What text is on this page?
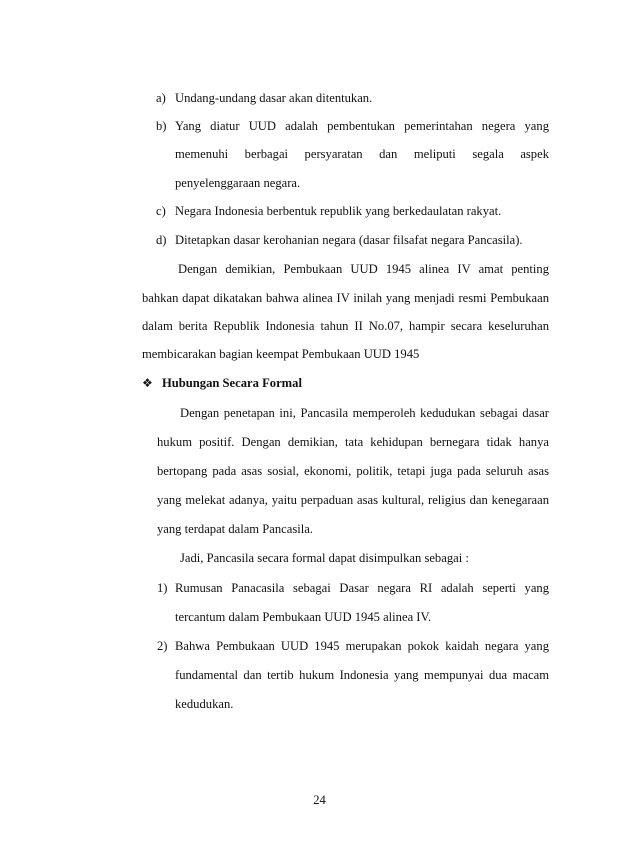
a) Undang-undang dasar akan ditentukan.
b) Yang diatur UUD adalah pembentukan pemerintahan negera yang
memenuhi berbagai persyaratan dan meliputi segala aspek
penyelenggaraan negara.
c) Negara Indonesia berbentuk republik yang berkedaulatan rakyat.
d) Ditetapkan dasar kerohanian negara (dasar filsafat negara Pancasila).
Dengan demikian, Pembukaan UUD 1945 alinea IV amat penting
bahkan dapat dikatakan bahwa alinea IV inilah yang menjadi resmi Pembukaan
dalam berita Republik Indonesia tahun II No.07, hampir secara keseluruhan
membicarakan bagian keempat Pembukaan UUD 1945
❖ Hubungan Secara Formal
Dengan penetapan ini, Pancasila memperoleh kedudukan sebagai dasar
hukum positif. Dengan demikian, tata kehidupan bernegara tidak hanya
bertopang pada asas sosial, ekonomi, politik, tetapi juga pada seluruh asas
yang melekat adanya, yaitu perpaduan asas kultural, religius dan kenegaraan
yang terdapat dalam Pancasila.
Jadi, Pancasila secara formal dapat disimpulkan sebagai :
1) Rumusan Panacasila sebagai Dasar negara RI adalah seperti yang
tercantum dalam Pembukaan UUD 1945 alinea IV.
2) Bahwa Pembukaan UUD 1945 merupakan pokok kaidah negara yang
fundamental dan tertib hukum Indonesia yang mempunyai dua macam
kedudukan.
24
